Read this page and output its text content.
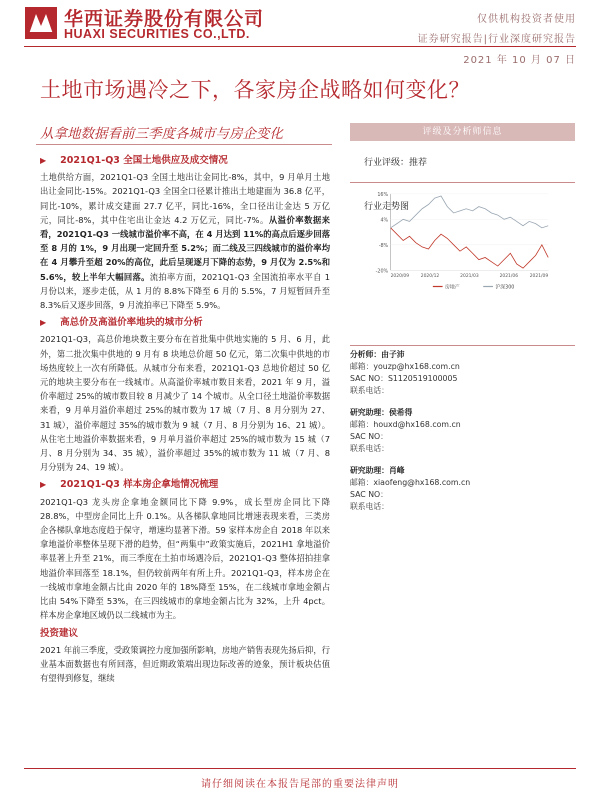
华西证券股份有限公司
HUAXI SECURITIES CO.,LTD.
仅供机构投资者使用
证券研究报告|行业深度研究报告
2021 年 10 月 07 日
土地市场遇冷之下，各家房企战略如何变化？
从拿地数据看前三季度各城市与房企变化
▶ 2021Q1-Q3 全国土地供应及成交情况

土地供给方面，2021Q1-Q3 全国土地出让金同比-8%，其中，9 月单月土地出让金同比-15%。2021Q1-Q3 全国全口径累计推出土地建面为 36.8 亿平，同比-10%，累计成交建面 27.7 亿平，同比-16%，全口径出让金达 5 万亿元，同比-8%，其中住宅出让金达 4.2 万亿元，同比-7%。从溢价率数据来看，2021Q1-Q3 一线城市溢价率不高，在 4 月达到 11%的高点后逐步回落至 8 月的 1%，9 月出现一定回升至 5.2%；而二线及三四线城市的溢价率均在 4 月攀升至超 20%的高位，此后呈现逐月下降的态势，9 月仅为 2.5%和 5.6%，较上半年大幅回落。流拍率方面，2021Q1-Q3 全国流拍率水平自 1 月份以来，逐步走低，从 1 月的 8.8%下降至 6 月的 5.5%，7 月短暂回升至 8.3%后又逐步回落，9 月流拍率已下降至 5.9%。

▶ 高总价及高溢价率地块的城市分析

2021Q1-Q3，高总价地块数主要分布在首批集中供地实施的 5 月、6 月，此外，第二批次集中供地的 9 月有 8 块地总价超 50 亿元，第二次集中供地的市场热度较上一次有所降低。从城市分布来看，2021Q1-Q3 总地价超过 50 亿元的地块主要分布在一线城市。从高溢价率城市数目来看，2021 年 9 月，溢价率超过 25%的城市数目较 8 月减少了 14 个城市。从全口径土地溢价率数据来看，9 月单月溢价率超过 25%的城市数为 17 城（7 月、8 月分别为 27、31 城），溢价率超过 35%的城市数为 9 城（7 月、8 月分别为 16、21 城）。从住宅土地溢价率数据来看，9 月单月溢价率超过 25%的城市数为 15 城（7 月、8 月分别为 34、35 城），溢价率超过 35%的城市数为 11 城（7 月、8 月分别为 24、19 城）。

▶ 2021Q1-Q3 样本房企拿地情况梳理

2021Q1-Q3 龙头房企拿地金额同比下降 9.9%，成长型房企同比下降 28.8%，中型房企同比上升 0.1%。从各梯队拿地同比增速表现来看，三类房企各梯队拿地态度趋于保守，增速均显著下滑。59 家样本房企自 2018 年以来拿地溢价率整体呈现下滑的趋势，但“两集中”政策实施后，2021H1 拿地溢价率显著上升至 21%，而三季度在土拍市场遇冷后，2021Q1-Q3 整体招拍挂拿地溢价率回落至 18.1%，但仍较前两年有所上升。2021Q1-Q3，样本房企在一线城市拿地金额占比由 2020 年的 18%降至 15%，在二线城市拿地金额占比由 54%下降至 53%，在三四线城市的拿地金额占比为 32%，上升 4pct。样本房企拿地区域仍以二线城市为主。

投资建议

2021 年前三季度，受政策调控力度加强所影响，房地产销售表现先扬后抑，行业基本面数据也有所回落，但近期政策端出现边际改善的迹象，预计板块估值有望得到修复，继续

评级及分析师信息
行业评级：推荐
行业走势图
16%
4%
-8%
-20%
2020/09 2020/12	2021/03	2021/06 2021/09
房地产	沪深300
分析师：由子沛
邮箱：youzp@hx168.com.cn
SAC NO：S1120519100005
联系电话：
研究助理：侯希得
邮箱：houxd@hx168.com.cn
SAC NO：
联系电话：
研究助理：肖峰
邮箱：xiaofeng@hx168.com.cn
SAC NO：
联系电话：
请仔细阅读在本报告尾部的重要法律声明
